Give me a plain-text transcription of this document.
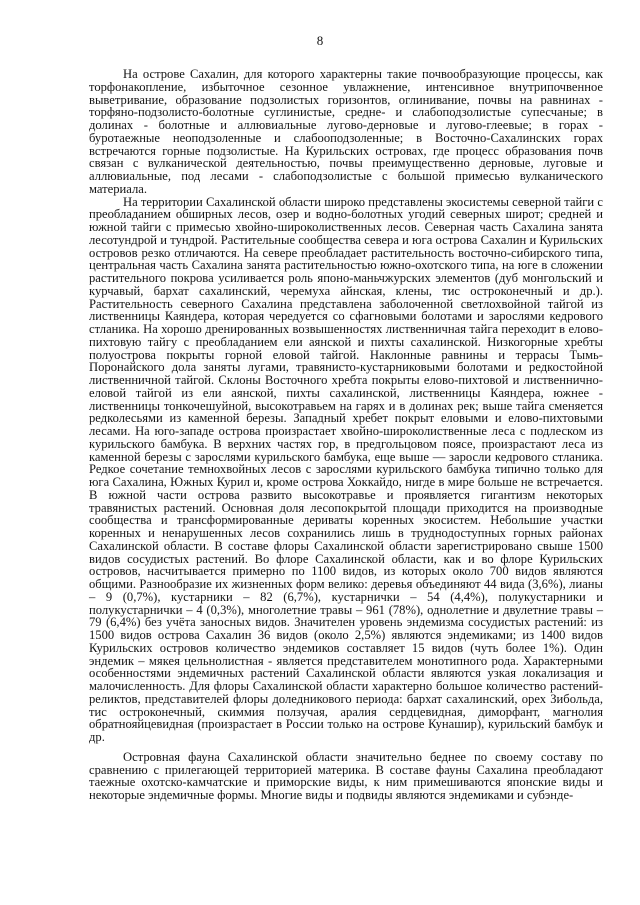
8

На острове Сахалин, для которого характерны такие почвообразующие процессы, как торфонакопление, избыточное сезонное увлажнение, интенсивное внутрипочвенное выветривание, образование подзолистых горизонтов, оглинивание, почвы на равнинах - торфяно-подзолисто-болотные суглинистые, средне- и слабоподзолистые супесчаные; в долинах - болотные и аллювиальные лугово-дерновые и лугово-глеевые; в горах - буротаежные неоподзоленные и слабооподзоленные; в Восточно-Сахалинских горах встречаются горные подзолистые. На Курильских островах, где процесс образования почв связан с вулканической деятельностью, почвы преимущественно дерновые, луговые и аллювиальные, под лесами - слабоподзолистые с большой примесью вулканического материала.

На территории Сахалинской области широко представлены экосистемы северной тайги с преобладанием обширных лесов, озер и водно-болотных угодий северных широт; средней и южной тайги с примесью хвойно-широколиственных лесов. Северная часть Сахалина занята лесотундрой и тундрой. Растительные сообщества севера и юга острова Сахалин и Курильских островов резко отличаются. На севере преобладает растительность восточно-сибирского типа, центральная часть Сахалина занята растительностью южно-охотского типа, на юге в сложении растительного покрова усиливается роль японо-маньчжурских элементов (дуб монгольский и курчавый, бархат сахалинский, черемуха айнская, клены, тис остроконечный и др.). Растительность северного Сахалина представлена заболоченной светлохвойной тайгой из лиственницы Каяндера, которая чередуется со сфагновыми болотами и зарослями кедрового стланика. На хорошо дренированных возвышенностях лиственничная тайга переходит в елово-пихтовую тайгу с преобладанием ели аянской и пихты сахалинской. Низкогорные хребты полуострова покрыты горной еловой тайгой. Наклонные равнины и террасы Тымь-Поронайского дола заняты лугами, травянисто-кустарниковыми болотами и редкостойной лиственничной тайгой. Склоны Восточного хребта покрыты елово-пихтовой и лиственнично-еловой тайгой из ели аянской, пихты сахалинской, лиственницы Каяндера, южнее - лиственницы тонкочешуйной, высокотравьем на гарях и в долинах рек; выше тайга сменяется редколесьями из каменной березы. Западный хребет покрыт еловыми и елово-пихтовыми лесами. На юго-западе острова произрастает хвойно-широколиственные леса с подлеском из курильского бамбука. В верхних частях гор, в предгольцовом поясе, произрастают леса из каменной березы с зарослями курильского бамбука, еще выше — заросли кедрового стланика. Редкое сочетание темнохвойных лесов с зарослями курильского бамбука типично только для юга Сахалина, Южных Курил и, кроме острова Хоккайдо, нигде в мире больше не встречается. В южной части острова развито высокотравье и проявляется гигантизм некоторых травянистых растений. Основная доля лесопокрытой площади приходится на производные сообщества и трансформированные дериваты коренных экосистем. Небольшие участки коренных и ненарушенных лесов сохранились лишь в труднодоступных горных районах Сахалинской области. В составе флоры Сахалинской области зарегистрировано свыше 1500 видов сосудистых растений. Во флоре Сахалинской области, как и во флоре Курильских островов, насчитывается примерно по 1100 видов, из которых около 700 видов являются общими. Разнообразие их жизненных форм велико: деревья объединяют 44 вида (3,6%), лианы – 9 (0,7%), кустарники – 82 (6,7%), кустарнички – 54 (4,4%), полукустарники и полукустарнички – 4 (0,3%), многолетние травы – 961 (78%), однолетние и двулетние травы – 79 (6,4%) без учёта заносных видов. Значителен уровень эндемизма сосудистых растений: из 1500 видов острова Сахалин 36 видов (около 2,5%) являются эндемиками; из 1400 видов Курильских островов количество эндемиков составляет 15 видов (чуть более 1%). Один эндемик – мякея цельнолистная - является представителем монотипного рода. Характерными особенностями эндемичных растений Сахалинской области являются узкая локализация и малочисленность. Для флоры Сахалинской области характерно большое количество растений-реликтов, представителей флоры доледникового периода: бархат сахалинский, орех Зибольда, тис остроконечный, скиммия ползучая, аралия сердцевидная, диморфант, магнолия обратнояйцевидная (произрастает в России только на острове Кунашир), курильский бамбук и др.

Островная фауна Сахалинской области значительно беднее по своему составу по сравнению с прилегающей территорией материка. В составе фауны Сахалина преобладают таежные охотско-камчатские и приморские виды, к ним примешиваются японские виды и некоторые эндемичные формы. Многие виды и подвиды являются эндемиками и субэнде-
